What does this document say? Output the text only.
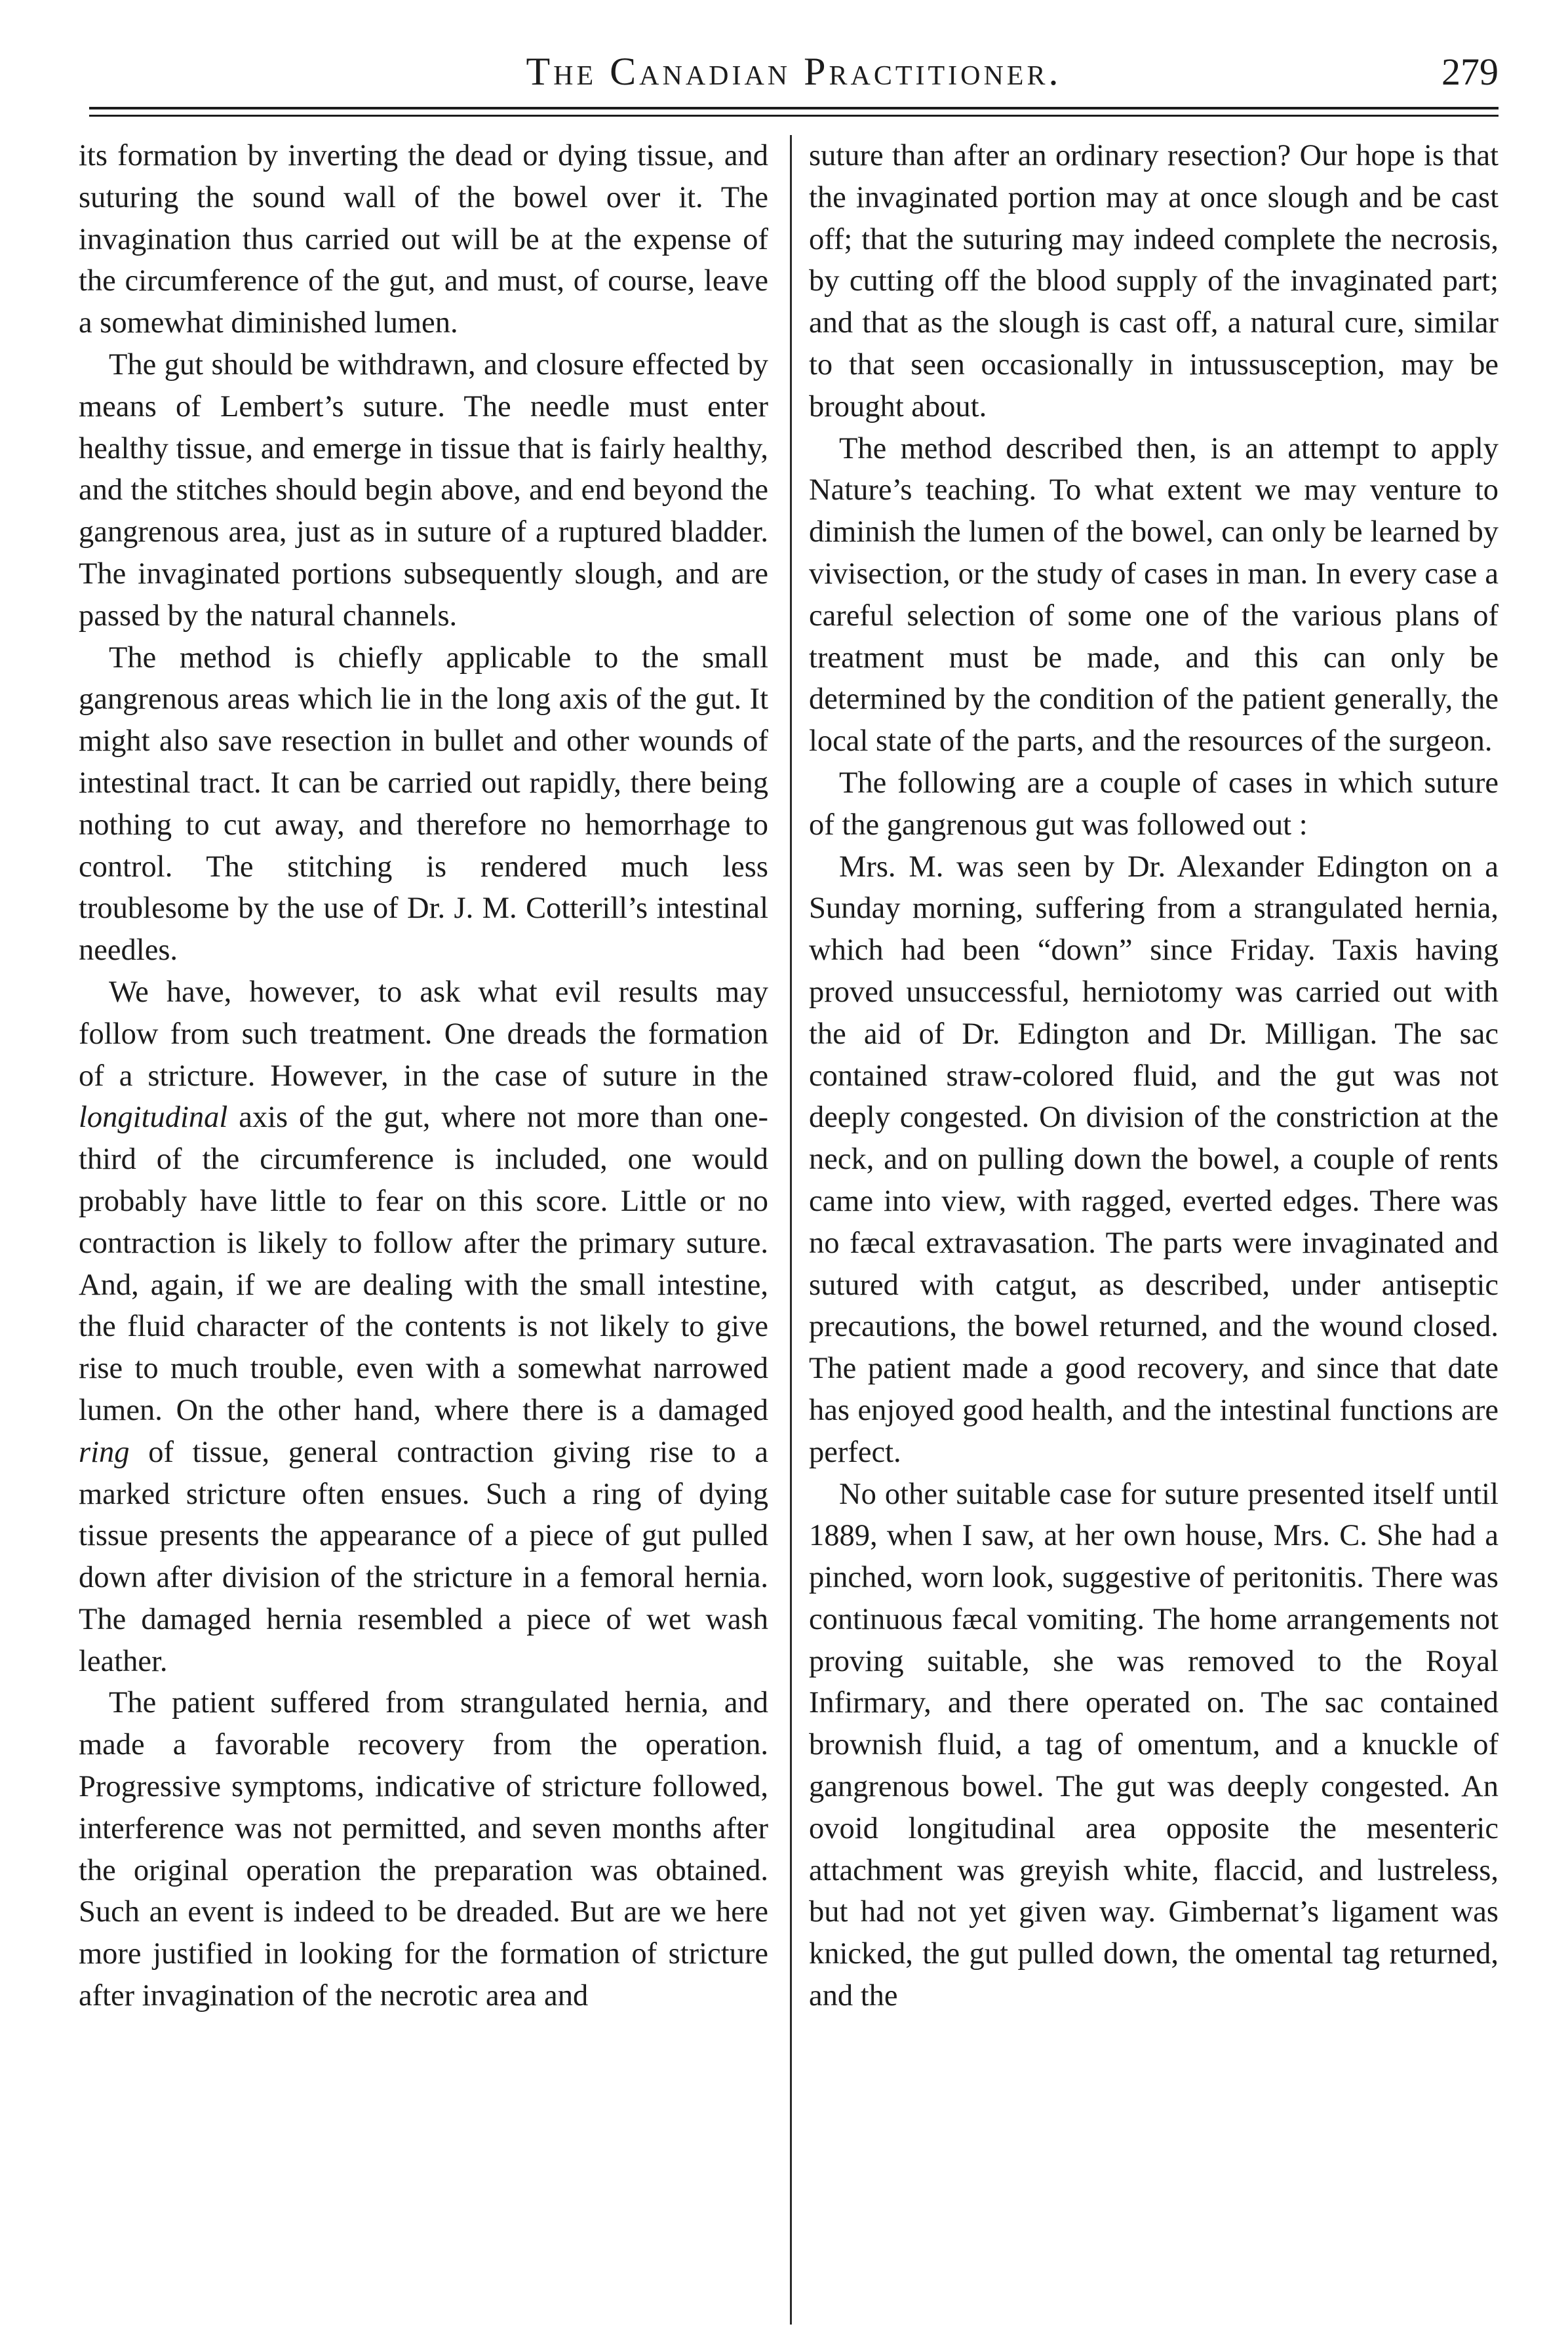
The Canadian Practitioner.	279

its formation by inverting the dead or dying tissue, and suturing the sound wall of the bowel over it. The invagination thus carried out will be at the expense of the circumference of the gut, and must, of course, leave a somewhat diminished lumen.

The gut should be withdrawn, and closure effected by means of Lembert’s suture. The needle must enter healthy tissue, and emerge in tissue that is fairly healthy, and the stitches should begin above, and end beyond the gangrenous area, just as in suture of a ruptured bladder. The invaginated portions subsequently slough, and are passed by the natural channels.

The method is chiefly applicable to the small gangrenous areas which lie in the long axis of the gut. It might also save resection in bullet and other wounds of intestinal tract. It can be carried out rapidly, there being nothing to cut away, and therefore no hemorrhage to control. The stitching is rendered much less troublesome by the use of Dr. J. M. Cotterill’s intestinal needles.

We have, however, to ask what evil results may follow from such treatment. One dreads the formation of a stricture. However, in the case of suture in the longitudinal axis of the gut, where not more than one-third of the circumference is included, one would probably have little to fear on this score. Little or no contraction is likely to follow after the primary suture. And, again, if we are dealing with the small intestine, the fluid character of the contents is not likely to give rise to much trouble, even with a somewhat narrowed lumen. On the other hand, where there is a damaged ring of tissue, general contraction giving rise to a marked stricture often ensues. Such a ring of dying tissue presents the appearance of a piece of gut pulled down after division of the stricture in a femoral hernia. The damaged hernia resembled a piece of wet wash leather.

The patient suffered from strangulated hernia, and made a favorable recovery from the operation. Progressive symptoms, indicative of stricture followed, interference was not permitted, and seven months after the original operation the preparation was obtained. Such an event is indeed to be dreaded. But are we here more justified in looking for the formation of stricture after invagination of the necrotic area and

suture than after an ordinary resection? Our hope is that the invaginated portion may at once slough and be cast off; that the suturing may indeed complete the necrosis, by cutting off the blood supply of the invaginated part; and that as the slough is cast off, a natural cure, similar to that seen occasionally in intussusception, may be brought about.

The method described then, is an attempt to apply Nature’s teaching. To what extent we may venture to diminish the lumen of the bowel, can only be learned by vivisection, or the study of cases in man. In every case a careful selection of some one of the various plans of treatment must be made, and this can only be determined by the condition of the patient generally, the local state of the parts, and the resources of the surgeon.

The following are a couple of cases in which suture of the gangrenous gut was followed out :

Mrs. M. was seen by Dr. Alexander Edington on a Sunday morning, suffering from a strangulated hernia, which had been “down” since Friday. Taxis having proved unsuccessful, herniotomy was carried out with the aid of Dr. Edington and Dr. Milligan. The sac contained straw-colored fluid, and the gut was not deeply congested. On division of the constriction at the neck, and on pulling down the bowel, a couple of rents came into view, with ragged, everted edges. There was no fæcal extravasation. The parts were invaginated and sutured with catgut, as described, under antiseptic precautions, the bowel returned, and the wound closed. The patient made a good recovery, and since that date has enjoyed good health, and the intestinal functions are perfect.

No other suitable case for suture presented itself until 1889, when I saw, at her own house, Mrs. C. She had a pinched, worn look, suggestive of peritonitis. There was continuous fæcal vomiting. The home arrangements not proving suitable, she was removed to the Royal Infirmary, and there operated on. The sac contained brownish fluid, a tag of omentum, and a knuckle of gangrenous bowel. The gut was deeply congested. An ovoid longitudinal area opposite the mesenteric attachment was greyish white, flaccid, and lustreless, but had not yet given way. Gimbernat’s ligament was knicked, the gut pulled down, the omental tag returned, and the
